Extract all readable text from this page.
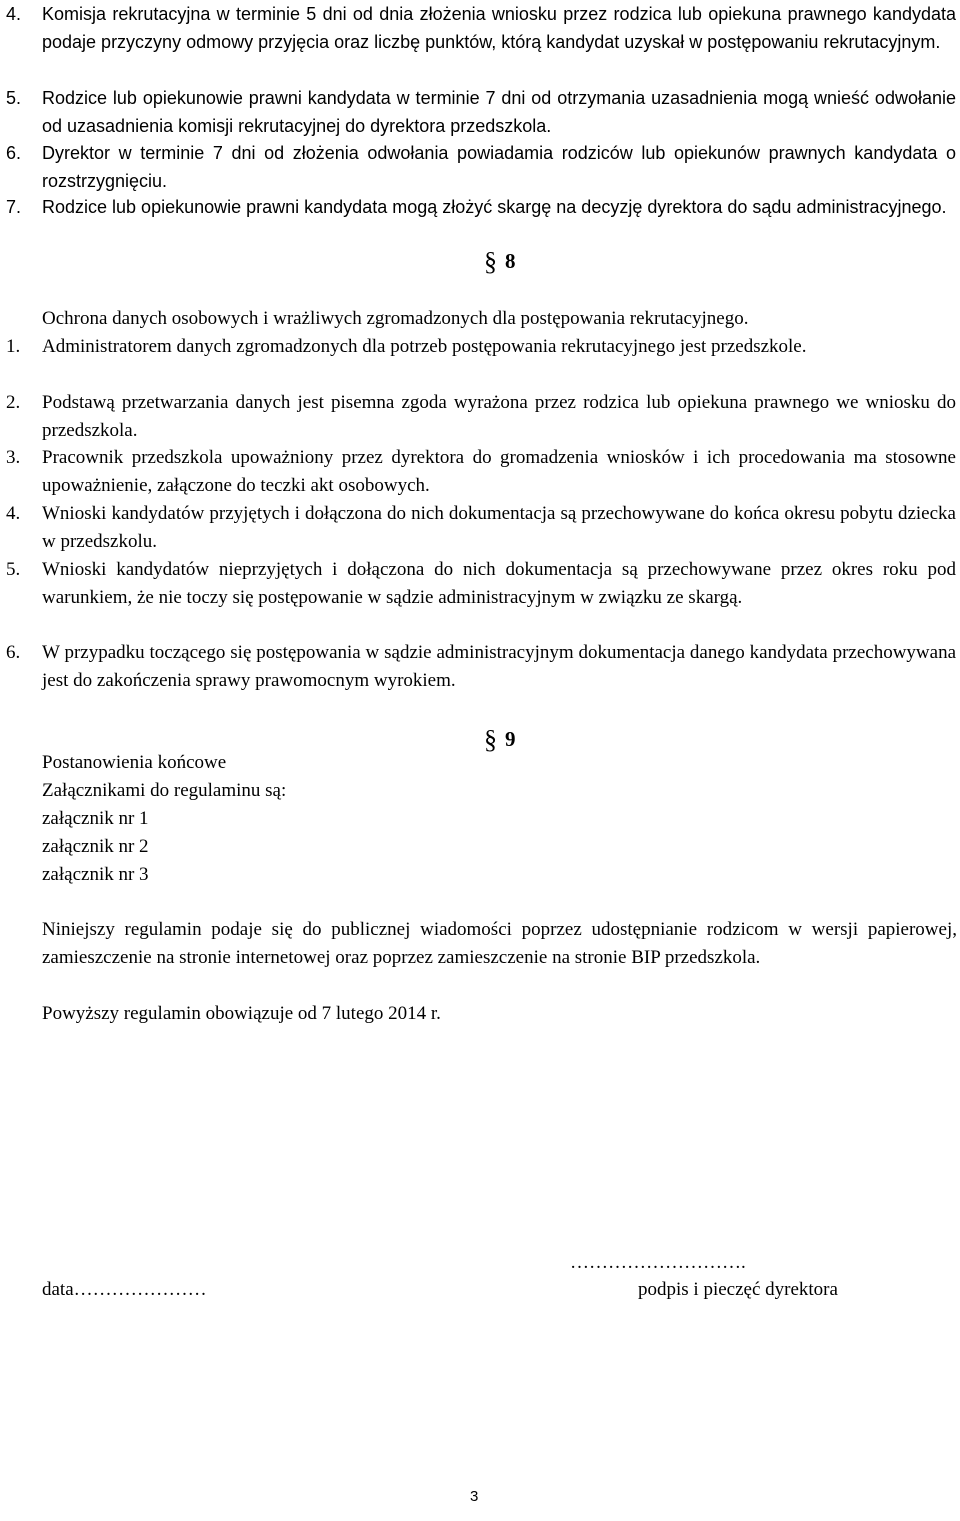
4.	Komisja rekrutacyjna w terminie 5 dni od dnia złożenia wniosku przez rodzica lub opiekuna prawnego kandydata podaje przyczyny odmowy przyjęcia oraz liczbę punktów, którą kandydat uzyskał w postępowaniu rekrutacyjnym.
5.	Rodzice lub opiekunowie prawni kandydata w terminie 7 dni od otrzymania uzasadnienia mogą wnieść odwołanie od uzasadnienia komisji rekrutacyjnej do dyrektora przedszkola.
6.	Dyrektor w terminie 7 dni od złożenia odwołania powiadamia rodziców lub opiekunów prawnych kandydata o rozstrzygnięciu.
7.	Rodzice lub opiekunowie prawni kandydata mogą złożyć skargę na decyzję dyrektora do sądu administracyjnego.
§ 8
Ochrona danych osobowych i wrażliwych zgromadzonych dla postępowania rekrutacyjnego.
1.	Administratorem danych zgromadzonych dla potrzeb postępowania rekrutacyjnego jest przedszkole.
2.	Podstawą przetwarzania danych jest pisemna zgoda wyrażona przez rodzica lub opiekuna prawnego we wniosku do przedszkola.
3.	Pracownik przedszkola upoważniony przez dyrektora do gromadzenia wniosków i ich procedowania ma stosowne upoważnienie, załączone do teczki akt osobowych.
4.	Wnioski kandydatów przyjętych i dołączona do nich dokumentacja są przechowywane do końca okresu pobytu dziecka w przedszkolu.
5.	Wnioski kandydatów nieprzyjętych i dołączona do nich dokumentacja są przechowywane przez okres roku pod warunkiem, że nie toczy się postępowanie w sądzie administracyjnym w związku ze skargą.
6.	W przypadku toczącego się postępowania w sądzie administracyjnym dokumentacja danego kandydata przechowywana jest do zakończenia sprawy prawomocnym wyrokiem.
§ 9
Postanowienia końcowe
Załącznikami do regulaminu są:
załącznik nr 1
załącznik nr 2
załącznik nr 3
Niniejszy regulamin podaje się do publicznej wiadomości poprzez udostępnianie rodzicom w wersji papierowej, zamieszczenie na stronie internetowej oraz poprzez zamieszczenie na stronie BIP przedszkola.
Powyższy regulamin obowiązuje od 7 lutego 2014 r.
……………………….
data…………………	podpis i pieczęć dyrektora
3
